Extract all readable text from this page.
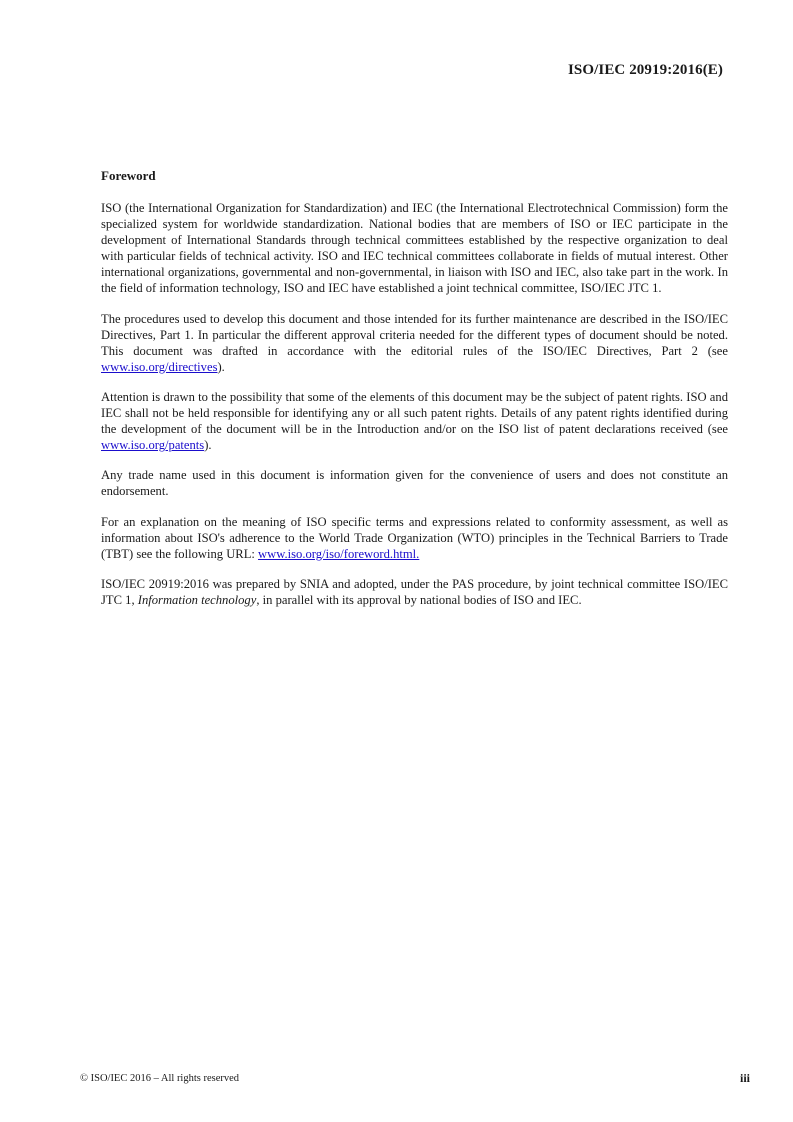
ISO/IEC 20919:2016(E)
Foreword

ISO (the International Organization for Standardization) and IEC (the International Electrotechnical Commission) form the specialized system for worldwide standardization. National bodies that are members of ISO or IEC participate in the development of International Standards through technical committees established by the respective organization to deal with particular fields of technical activity. ISO and IEC technical committees collaborate in fields of mutual interest. Other international organizations, governmental and non-governmental, in liaison with ISO and IEC, also take part in the work. In the field of information technology, ISO and IEC have established a joint technical committee, ISO/IEC JTC 1.

The procedures used to develop this document and those intended for its further maintenance are described in the ISO/IEC Directives, Part 1. In particular the different approval criteria needed for the different types of document should be noted. This document was drafted in accordance with the editorial rules of the ISO/IEC Directives, Part 2 (see www.iso.org/directives).

Attention is drawn to the possibility that some of the elements of this document may be the subject of patent rights. ISO and IEC shall not be held responsible for identifying any or all such patent rights. Details of any patent rights identified during the development of the document will be in the Introduction and/or on the ISO list of patent declarations received (see www.iso.org/patents).

Any trade name used in this document is information given for the convenience of users and does not constitute an endorsement.

For an explanation on the meaning of ISO specific terms and expressions related to conformity assessment, as well as information about ISO's adherence to the World Trade Organization (WTO) principles in the Technical Barriers to Trade (TBT) see the following URL: www.iso.org/iso/foreword.html.

ISO/IEC 20919:2016 was prepared by SNIA and adopted, under the PAS procedure, by joint technical committee ISO/IEC JTC 1, Information technology, in parallel with its approval by national bodies of ISO and IEC.

© ISO/IEC 2016 – All rights reserved	iii
